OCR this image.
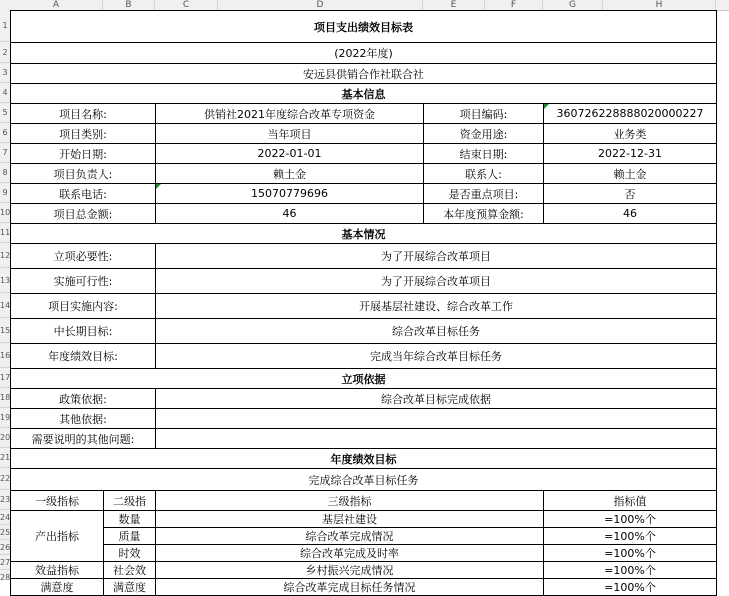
A	B	C	D	E	F	G	H
1
2
3
4
5
6
7
8
9
10
11
12
13
14
15
16
17
18
19
20
21
22
23
24
25
26
27
28
项目支出绩效目标表				
(2022年度)				
安远县供销合作社联合社				
基本信息				
项目名称:		供销社2021年度综合改革专项资金	项目编码:	360726228888020000227
项目类别:		当年项目	资金用途:	业务类
开始日期:		2022-01-01	结束日期:	2022-12-31
项目负责人:		赖土金	联系人:	赖土金
联系电话:		15070779696	是否重点项目:	否
项目总金额:		46	本年度预算金额:	46
基本情况				
立项必要性:		为了开展综合改革项目		
实施可行性:		为了开展综合改革项目		
项目实施内容:		开展基层社建设、综合改革工作		
中长期目标:		综合改革目标任务		
年度绩效目标:		完成当年综合改革目标任务		
立项依据				
政策依据:		综合改革目标完成依据		
其他依据:				
需要说明的其他问题:				
年度绩效目标				
完成综合改革目标任务				
一级指标	二级指	三级指标		指标值
产出指标	数量	基层社建设		=100%个
	质量	综合改革完成情况		=100%个
	时效	综合改革完成及时率		=100%个
效益指标	社会效	乡村振兴完成情况		=100%个
满意度	满意度	综合改革完成目标任务情况		=100%个
